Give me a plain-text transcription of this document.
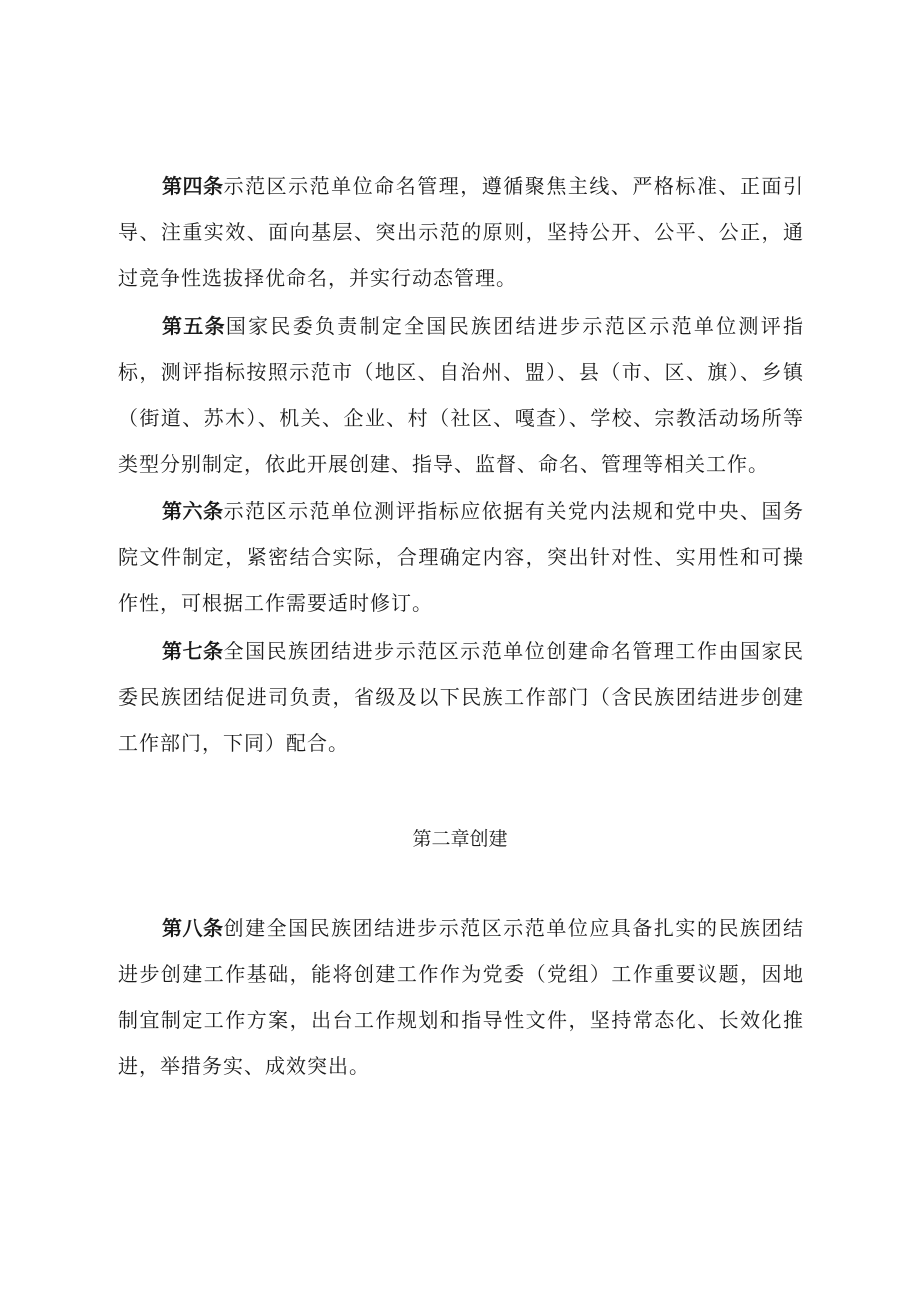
第四条示范区示范单位命名管理，遵循聚焦主线、严格标准、正面引导、注重实效、面向基层、突出示范的原则，坚持公开、公平、公正，通过竞争性选拔择优命名，并实行动态管理。

第五条国家民委负责制定全国民族团结进步示范区示范单位测评指标，测评指标按照示范市（地区、自治州、盟）、县（市、区、旗）、乡镇（街道、苏木）、机关、企业、村（社区、嘎查）、学校、宗教活动场所等类型分别制定，依此开展创建、指导、监督、命名、管理等相关工作。

第六条示范区示范单位测评指标应依据有关党内法规和党中央、国务院文件制定，紧密结合实际，合理确定内容，突出针对性、实用性和可操作性，可根据工作需要适时修订。

第七条全国民族团结进步示范区示范单位创建命名管理工作由国家民委民族团结促进司负责，省级及以下民族工作部门（含民族团结进步创建工作部门，下同）配合。

第二章创建

第八条创建全国民族团结进步示范区示范单位应具备扎实的民族团结进步创建工作基础，能将创建工作作为党委（党组）工作重要议题，因地制宜制定工作方案，出台工作规划和指导性文件，坚持常态化、长效化推进，举措务实、成效突出。
